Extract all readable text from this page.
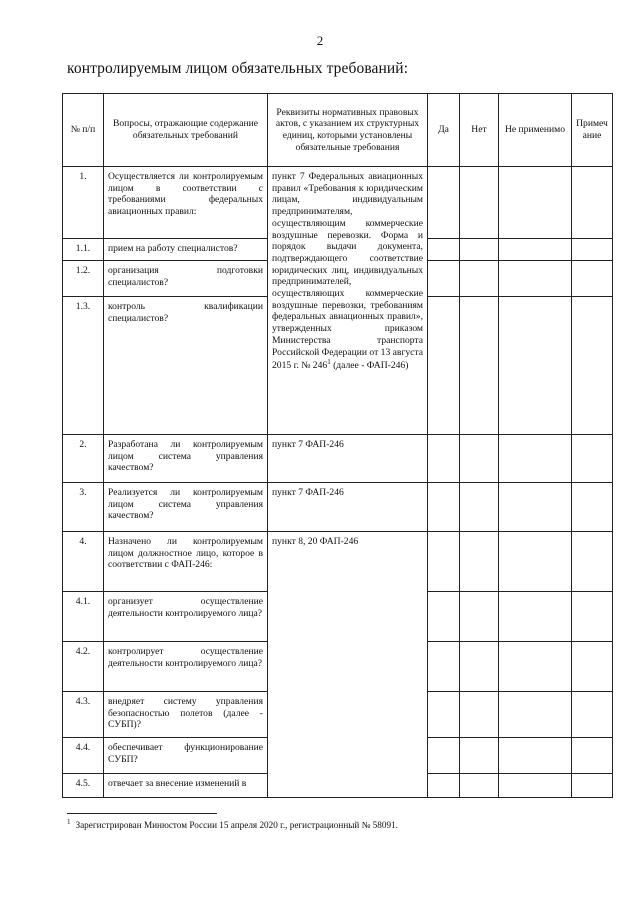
2
контролируемым лицом обязательных требований:
№ п/п	Вопросы, отражающие содержание обязательных требований	Реквизиты нормативных правовых актов, с указанием их структурных единиц, которыми установлены обязательные требования	Да	Нет	Не применимо	Примечание
1.	Осуществляется ли контролируемым лицом в соответствии с требованиями федеральных авиационных правил:	пункт 7 Федеральных авиационных правил «Требования к юридическим лицам, индивидуальным предпринимателям, осуществляющим коммерческие воздушные перевозки. Форма и порядок выдачи документа, подтверждающего соответствие юридических лиц, индивидуальных предпринимателей, осуществляющих коммерческие воздушные перевозки, требованиям федеральных авиационных правил», утвержденных приказом Министерства транспорта Российской Федерации от 13 августа 2015 г. № $246^1$ (далее - ФАП-246)				
1.1.	прием на работу специалистов?					
1.2.	организация подготовки специалистов?					
1.3.	контроль квалификации специалистов?					
2.	Разработана ли контролируемым лицом система управления качеством?	пункт 7 ФАП-246				
3.	Реализуется ли контролируемым лицом система управления качеством?	пункт 7 ФАП-246				
4.	Назначено ли контролируемым лицом должностное лицо, которое в соответствии с ФАП-246:	пункт 8, 20 ФАП-246				
4.1.	организует осуществление деятельности контролируемого лица?					
4.2.	контролирует осуществление деятельности контролируемого лица?					
4.3.	внедряет систему управления безопасностью полетов (далее - СУБП)?					
4.4.	обеспечивает функционирование СУБП?					
4.5.	отвечает за внесение изменений в					
$^1$ Зарегистрирован Минюстом России 15 апреля 2020 г., регистрационный № 58091.
